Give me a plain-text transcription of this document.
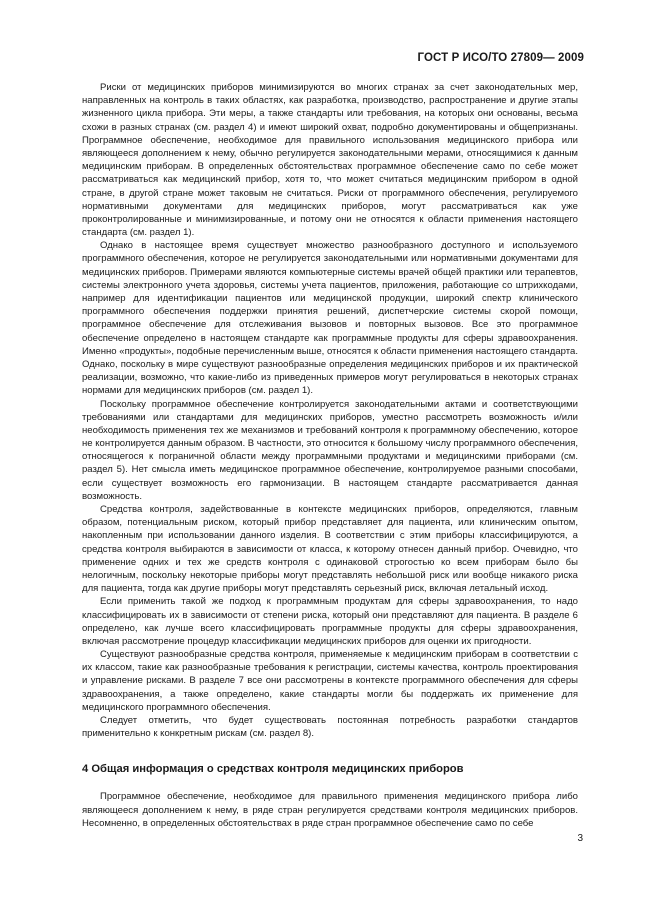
ГОСТ Р ИСО/ТО 27809— 2009

Риски от медицинских приборов минимизируются во многих странах за счет законодательных мер, направленных на контроль в таких областях, как разработка, производство, распространение и другие этапы жизненного цикла прибора. Эти меры, а также стандарты или требования, на которых они основаны, весьма схожи в разных странах (см. раздел 4) и имеют широкий охват, подробно документированы и общепризнаны. Программное обеспечение, необходимое для правильного использования медицинского прибора или являющееся дополнением к нему, обычно регулируется законодательными мерами, относящимися к данным медицинским приборам. В определенных обстоятельствах программное обеспечение само по себе может рассматриваться как медицинский прибор, хотя то, что может считаться медицинским прибором в одной стране, в другой стране может таковым не считаться. Риски от программного обеспечения, регулируемого нормативными документами для медицинских приборов, могут рассматриваться как уже проконтролированные и минимизированные, и потому они не относятся к области применения настоящего стандарта (см. раздел 1).

Однако в настоящее время существует множество разнообразного доступного и используемого программного обеспечения, которое не регулируется законодательными или нормативными документами для медицинских приборов. Примерами являются компьютерные системы врачей общей практики или терапевтов, системы электронного учета здоровья, системы учета пациентов, приложения, работающие со штрихкодами, например для идентификации пациентов или медицинской продукции, широкий спектр клинического программного обеспечения поддержки принятия решений, диспетчерские системы скорой помощи, программное обеспечение для отслеживания вызовов и повторных вызовов. Все это программное обеспечение определено в настоящем стандарте как программные продукты для сферы здравоохранения. Именно «продукты», подобные перечисленным выше, относятся к области применения настоящего стандарта. Однако, поскольку в мире существуют разнообразные определения медицинских приборов и их практической реализации, возможно, что какие-либо из приведенных примеров могут регулироваться в некоторых странах нормами для медицинских приборов (см. раздел 1).

Поскольку программное обеспечение контролируется законодательными актами и соответствующими требованиями или стандартами для медицинских приборов, уместно рассмотреть возможность и/или необходимость применения тех же механизмов и требований контроля к программному обеспечению, которое не контролируется данным образом. В частности, это относится к большому числу программного обеспечения, относящегося к пограничной области между программными продуктами и медицинскими приборами (см. раздел 5). Нет смысла иметь медицинское программное обеспечение, контролируемое разными способами, если существует возможность его гармонизации. В настоящем стандарте рассматривается данная возможность.

Средства контроля, задействованные в контексте медицинских приборов, определяются, главным образом, потенциальным риском, который прибор представляет для пациента, или клиническим опытом, накопленным при использовании данного изделия. В соответствии с этим приборы классифицируются, а средства контроля выбираются в зависимости от класса, к которому отнесен данный прибор. Очевидно, что применение одних и тех же средств контроля с одинаковой строгостью ко всем приборам было бы нелогичным, поскольку некоторые приборы могут представлять небольшой риск или вообще никакого риска для пациента, тогда как другие приборы могут представлять серьезный риск, включая летальный исход.

Если применить такой же подход к программным продуктам для сферы здравоохранения, то надо классифицировать их в зависимости от степени риска, который они представляют для пациента. В разделе 6 определено, как лучше всего классифицировать программные продукты для сферы здравоохранения, включая рассмотрение процедур классификации медицинских приборов для оценки их пригодности.

Существуют разнообразные средства контроля, применяемые к медицинским приборам в соответствии с их классом, такие как разнообразные требования к регистрации, системы качества, контроль проектирования и управление рисками. В разделе 7 все они рассмотрены в контексте программного обеспечения для сферы здравоохранения, а также определено, какие стандарты могли бы поддержать их применение для медицинского программного обеспечения.

Следует отметить, что будет существовать постоянная потребность разработки стандартов применительно к конкретным рискам (см. раздел 8).

4 Общая информация о средствах контроля медицинских приборов

Программное обеспечение, необходимое для правильного применения медицинского прибора либо являющееся дополнением к нему, в ряде стран регулируется средствами контроля медицинских приборов. Несомненно, в определенных обстоятельствах в ряде стран программное обеспечение само по себе

3
